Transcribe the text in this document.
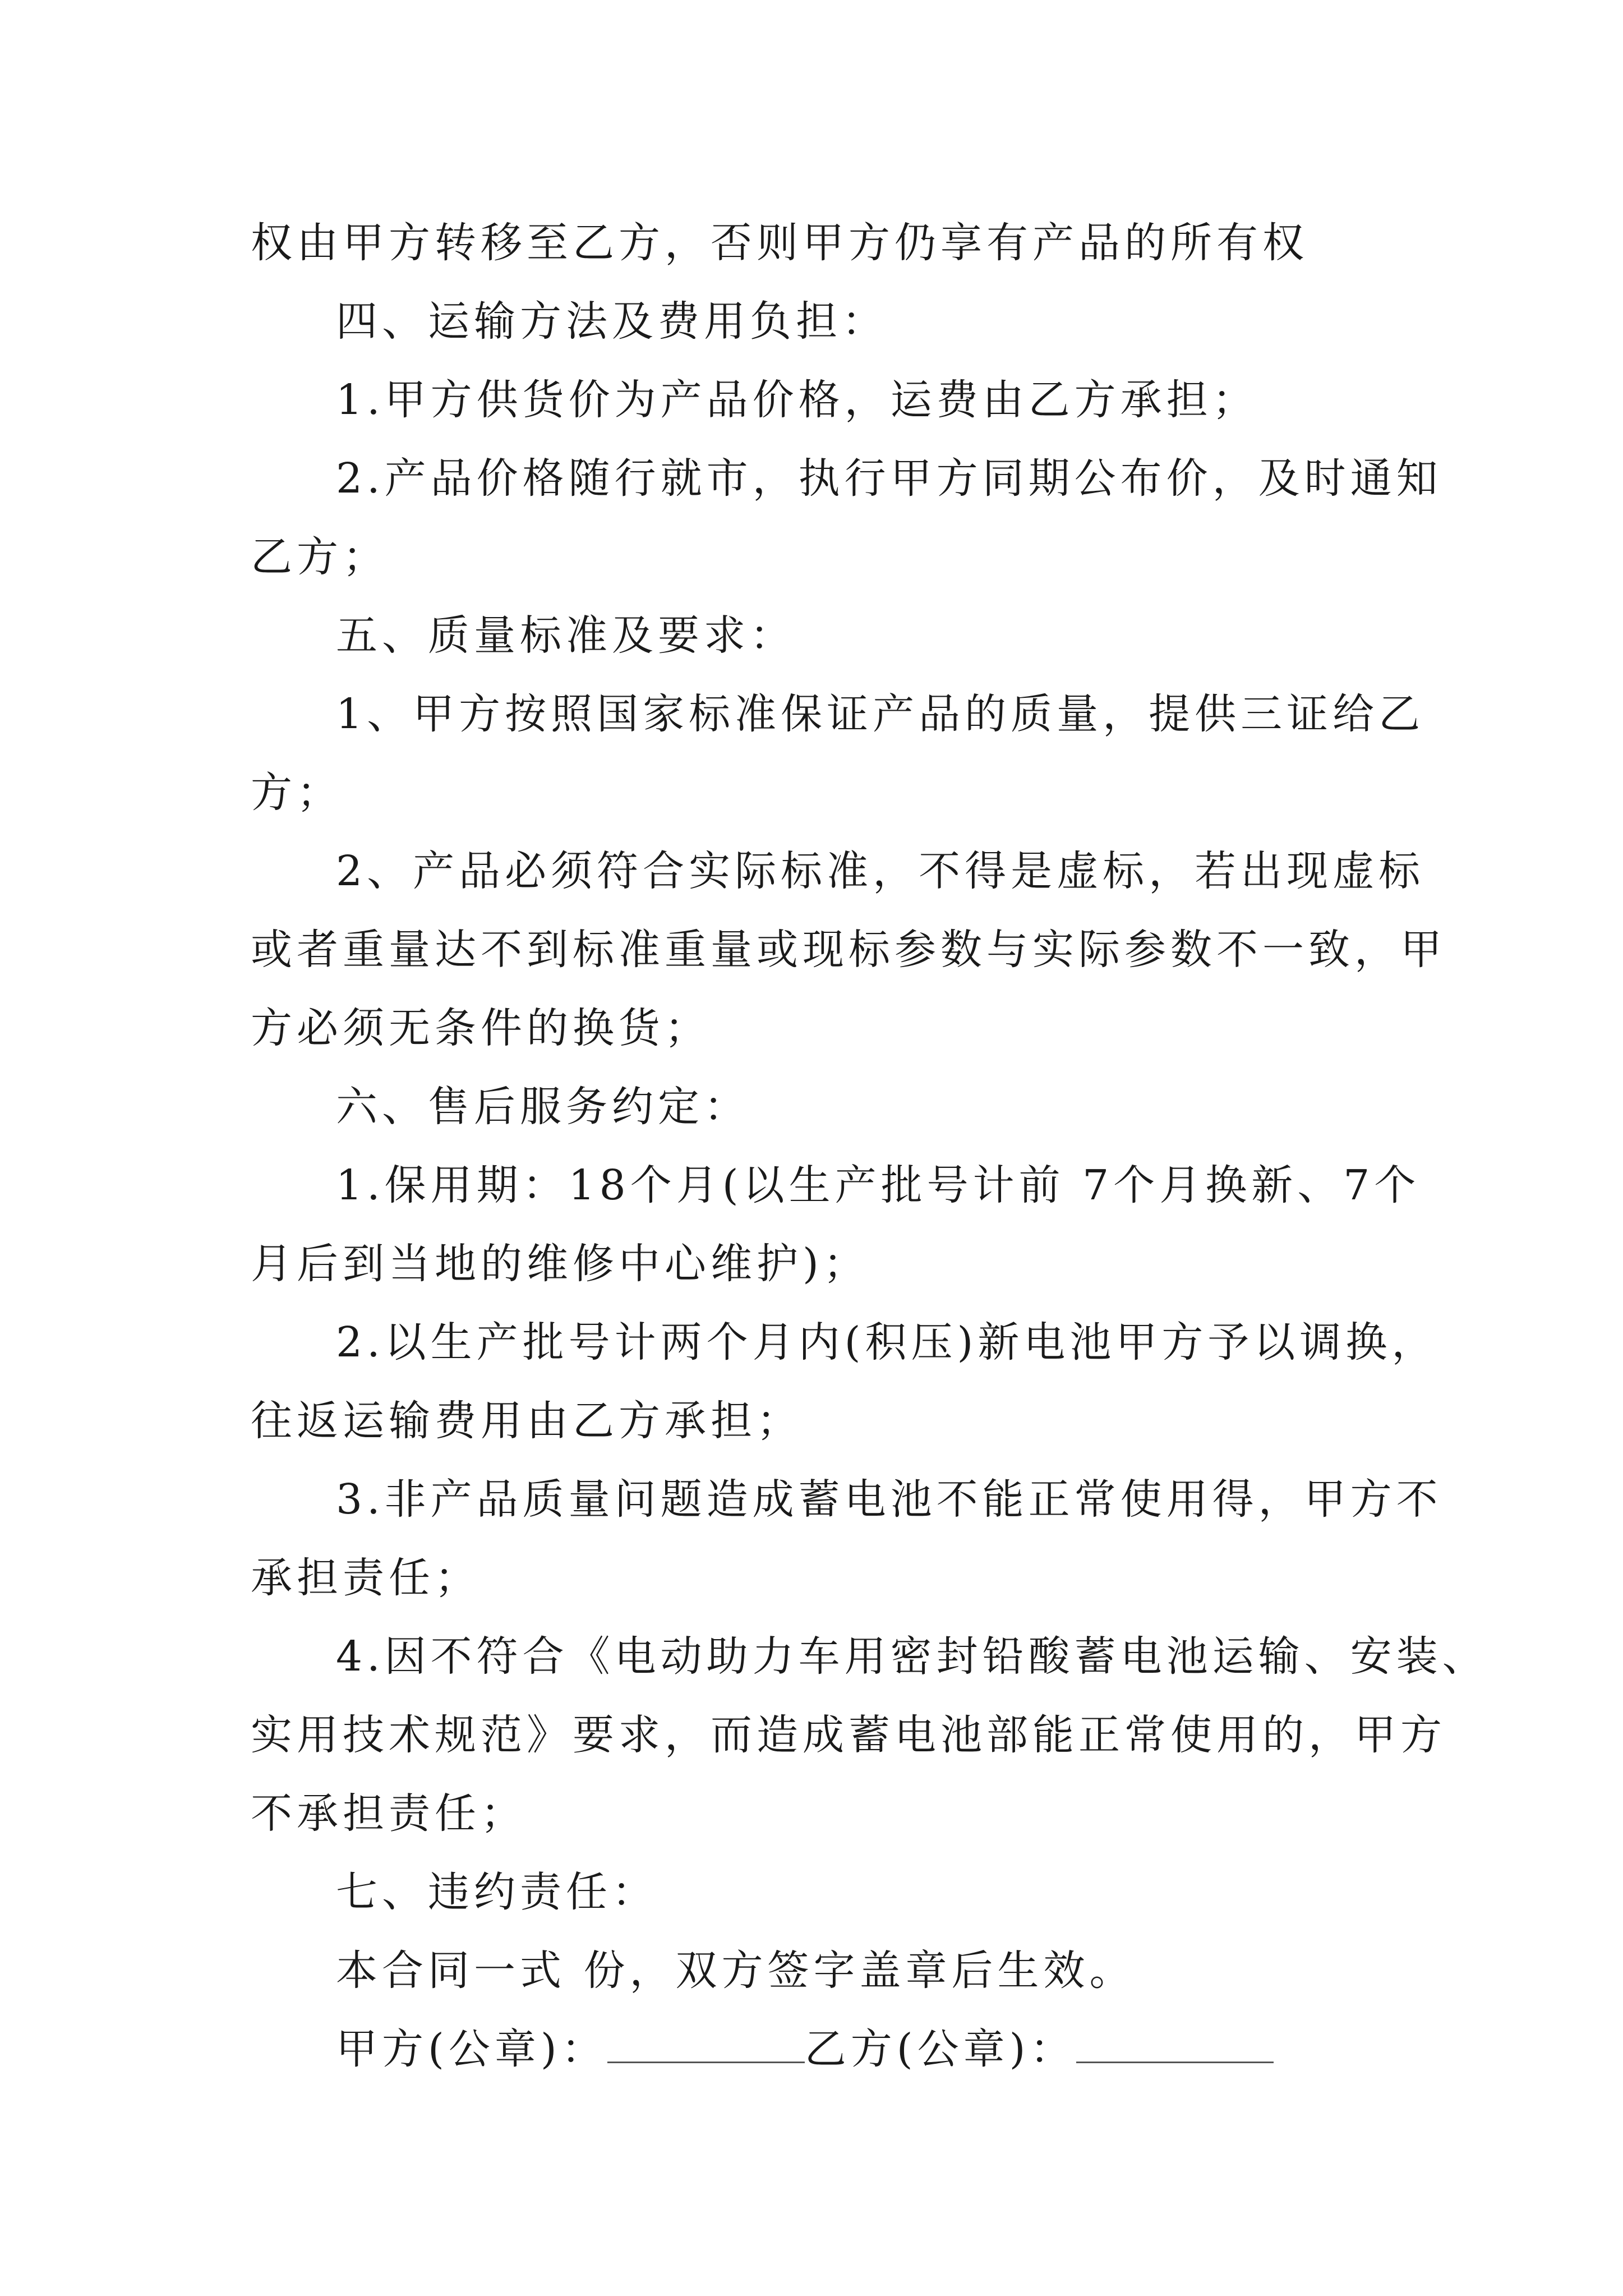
权由甲方转移至乙方，否则甲方仍享有产品的所有权

四、运输方法及费用负担：

1.甲方供货价为产品价格，运费由乙方承担；

2.产品价格随行就市，执行甲方同期公布价，及时通知

乙方；

五、质量标准及要求：

1、甲方按照国家标准保证产品的质量，提供三证给乙

方；

2、产品必须符合实际标准，不得是虚标，若出现虚标

或者重量达不到标准重量或现标参数与实际参数不一致，甲

方必须无条件的换货；

六、售后服务约定：

1.保用期：18个月(以生产批号计前 7个月换新、7个

月后到当地的维修中心维护)；

2.以生产批号计两个月内(积压)新电池甲方予以调换，

往返运输费用由乙方承担；

3.非产品质量问题造成蓄电池不能正常使用得，甲方不

承担责任；

4.因不符合《电动助力车用密封铅酸蓄电池运输、安装、

实用技术规范》要求，而造成蓄电池部能正常使用的，甲方

不承担责任；

七、违约责任：

本合同一式 份，双方签字盖章后生效。

甲方(公章)：	乙方(公章)：
